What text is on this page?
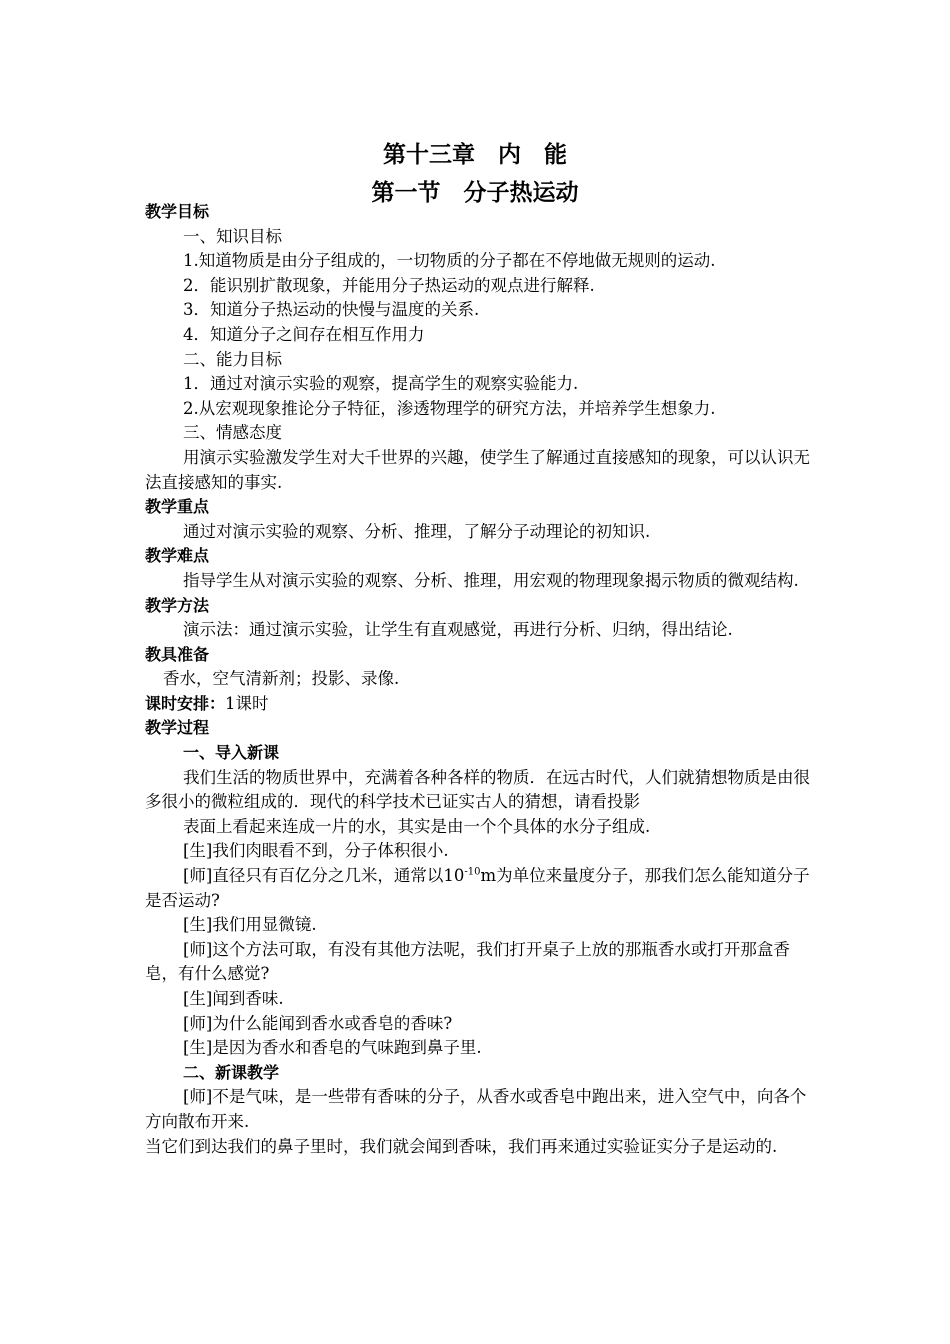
第十三章　内　能
第一节　分子热运动

教学目标

一、知识目标

1.知道物质是由分子组成的，一切物质的分子都在不停地做无规则的运动.

2．能识别扩散现象，并能用分子热运动的观点进行解释.

3．知道分子热运动的快慢与温度的关系.

4．知道分子之间存在相互作用力

二、能力目标

1．通过对演示实验的观察，提高学生的观察实验能力.

2.从宏观现象推论分子特征，渗透物理学的研究方法，并培养学生想象力.

三、情感态度

用演示实验激发学生对大千世界的兴趣，使学生了解通过直接感知的现象，可以认识无法直接感知的事实.

教学重点

通过对演示实验的观察、分析、推理，了解分子动理论的初知识.

教学难点

指导学生从对演示实验的观察、分析、推理，用宏观的物理现象揭示物质的微观结构.

教学方法

演示法：通过演示实验，让学生有直观感觉，再进行分析、归纳，得出结论.

教具准备

香水，空气清新剂；投影、录像.

课时安排：1课时

教学过程

一、导入新课

我们生活的物质世界中，充满着各种各样的物质．在远古时代，人们就猜想物质是由很多很小的微粒组成的．现代的科学技术已证实古人的猜想，请看投影

表面上看起来连成一片的水，其实是由一个个具体的水分子组成.

[生]我们肉眼看不到，分子体积很小.

[师]直径只有百亿分之几米，通常以$10^{-10}m$为单位来量度分子，那我们怎么能知道分子是否运动?

[生]我们用显微镜.

[师]这个方法可取，有没有其他方法呢，我们打开桌子上放的那瓶香水或打开那盒香皂，有什么感觉?

[生]闻到香味.

[师]为什么能闻到香水或香皂的香味?

[生]是因为香水和香皂的气味跑到鼻子里.

二、新课教学

[师]不是气味，是一些带有香味的分子，从香水或香皂中跑出来，进入空气中，向各个方向散布开来.

当它们到达我们的鼻子里时，我们就会闻到香味，我们再来通过实验证实分子是运动的.
